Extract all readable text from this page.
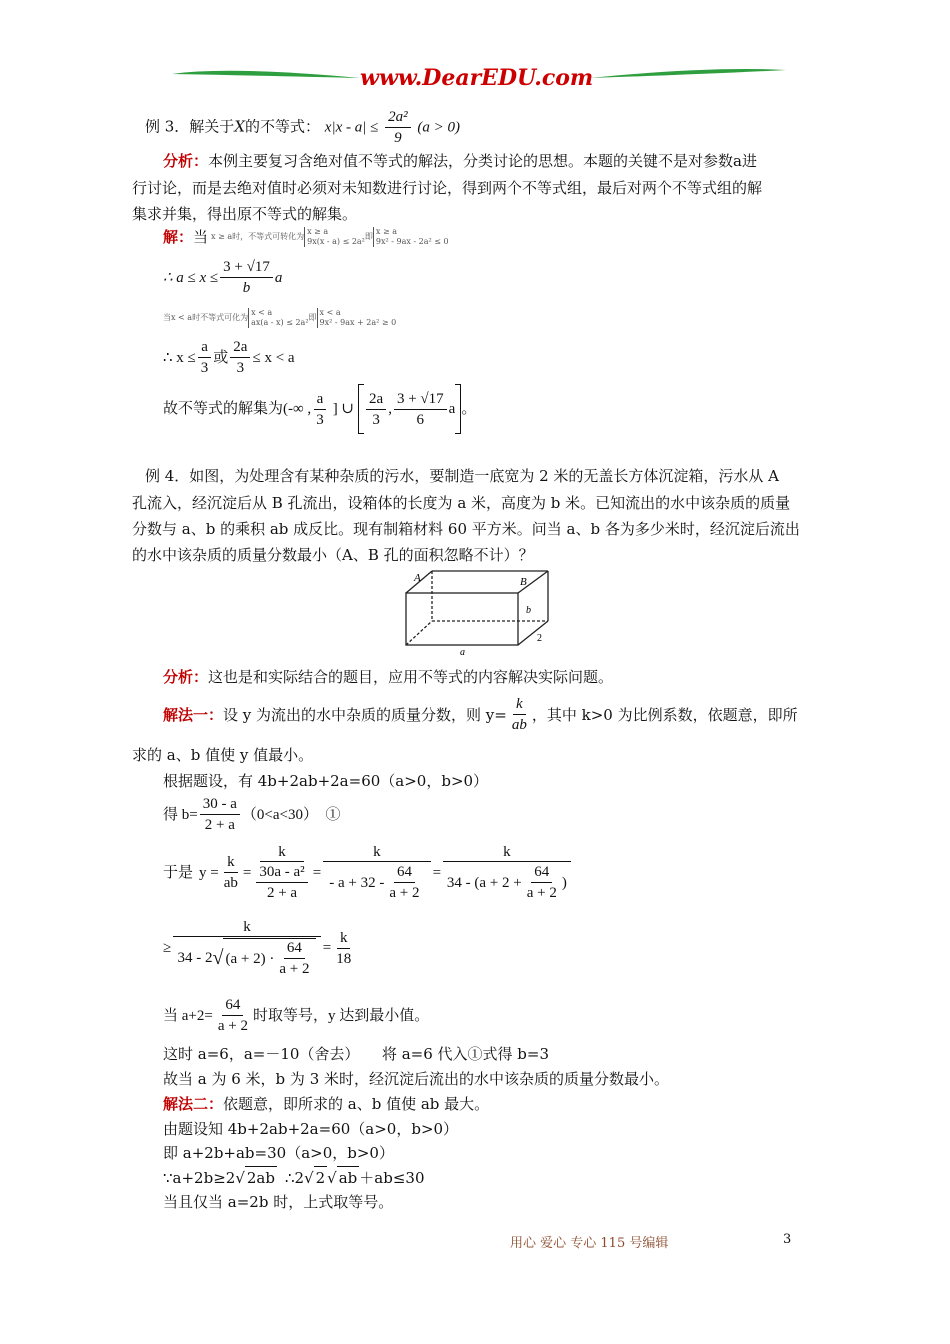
www.DearEDU.com
例 3．解关于X的不等式： $x|x - a| \le \frac{\text{2a²}}{9} (a > 0)$
分析：本例主要复习含绝对值不等式的解法，分类讨论的思想。本题的关键不是对参数a进
行讨论，而是去绝对值时必须对未知数进行讨论，得到两个不等式组，最后对两个不等式组的解
集求并集，得出原不等式的解集。
解： 当 x ≥ a时，不等式可转化为
x ≥ a
9x(x - a) ≤ 2a²
即
x ≥ a
9x² - 9ax - 2a² ≤ 0
∴ $a \le x \le \frac{3 + √17}{b}$ a
当x < a时不等式可化为
x < a
ax(a - x) ≤ 2a²
即
x < a
9x² - 9ax + 2a² ≥ 0
∴ $x \le \frac{a}{3}$ 或 $\frac{2a}{3} \le x < a$
故不等式的解集为(-∞ , $\frac{a}{3}$ ] ∪ $\frac{2a}{3}$ , $\frac{3 + √17}{6}$ a 。
例 4．如图，为处理含有某种杂质的污水，要制造一底宽为 2 米的无盖长方体沉淀箱，污水从 A
孔流入，经沉淀后从 B 孔流出，设箱体的长度为 a 米，高度为 b 米。已知流出的水中该杂质的质量
分数与 a、b 的乘积 ab 成反比。现有制箱材料 60 平方米。问当 a、b 各为多少米时，经沉淀后流出
的水中该杂质的质量分数最小（A、B 孔的面积忽略不计）？
A	B
b
2
a
分析：这也是和实际结合的题目，应用不等式的内容解决实际问题。
解法一： 设 y 为流出的水中杂质的质量分数，则 $y= \frac{k}{ab}$ ，其中 k>0 为比例系数，依题意，即所
求的 a、b 值使 y 值最小。
根据题设，有 4b+2ab+2a=60（a>0，b>0）
得 $b= \frac{30 - a}{2 + a} (0<a<30)$　①
于是 $y = \frac{k}{ab} = \frac{k}{\frac{\text{30a - a²}}{2 + a}} = \frac{k}{- a + 32 - \frac{64}{a + 2}} = \frac{k}{34 - (a + 2 + \frac{64}{a + 2} )}$
≥ $\frac{k}{34 - 2 √ (a + 2) \cdot \frac{64}{a + 2}} = \frac{k}{18}$
当 $a+2= \frac{64}{a + 2}$ 时取等号，y 达到最小值。
这时 a=6，a=－10（舍去）　　将 a=6 代入①式得 b=3
故当 a 为 6 米，b 为 3 米时，经沉淀后流出的水中该杂质的质量分数最小。
解法二：依题意，即所求的 a、b 值使 ab 最大。
由题设知 4b+2ab+2a=60（a>0，b>0）
即 a+2b+ab=30（a>0，b>0）
∵a+2b≥2 √ 2ab ∴2 √ 2 √ ab ＋ab≤30
当且仅当 a=2b 时，上式取等号。
用心 爱心 专心 115 号编辑	3
